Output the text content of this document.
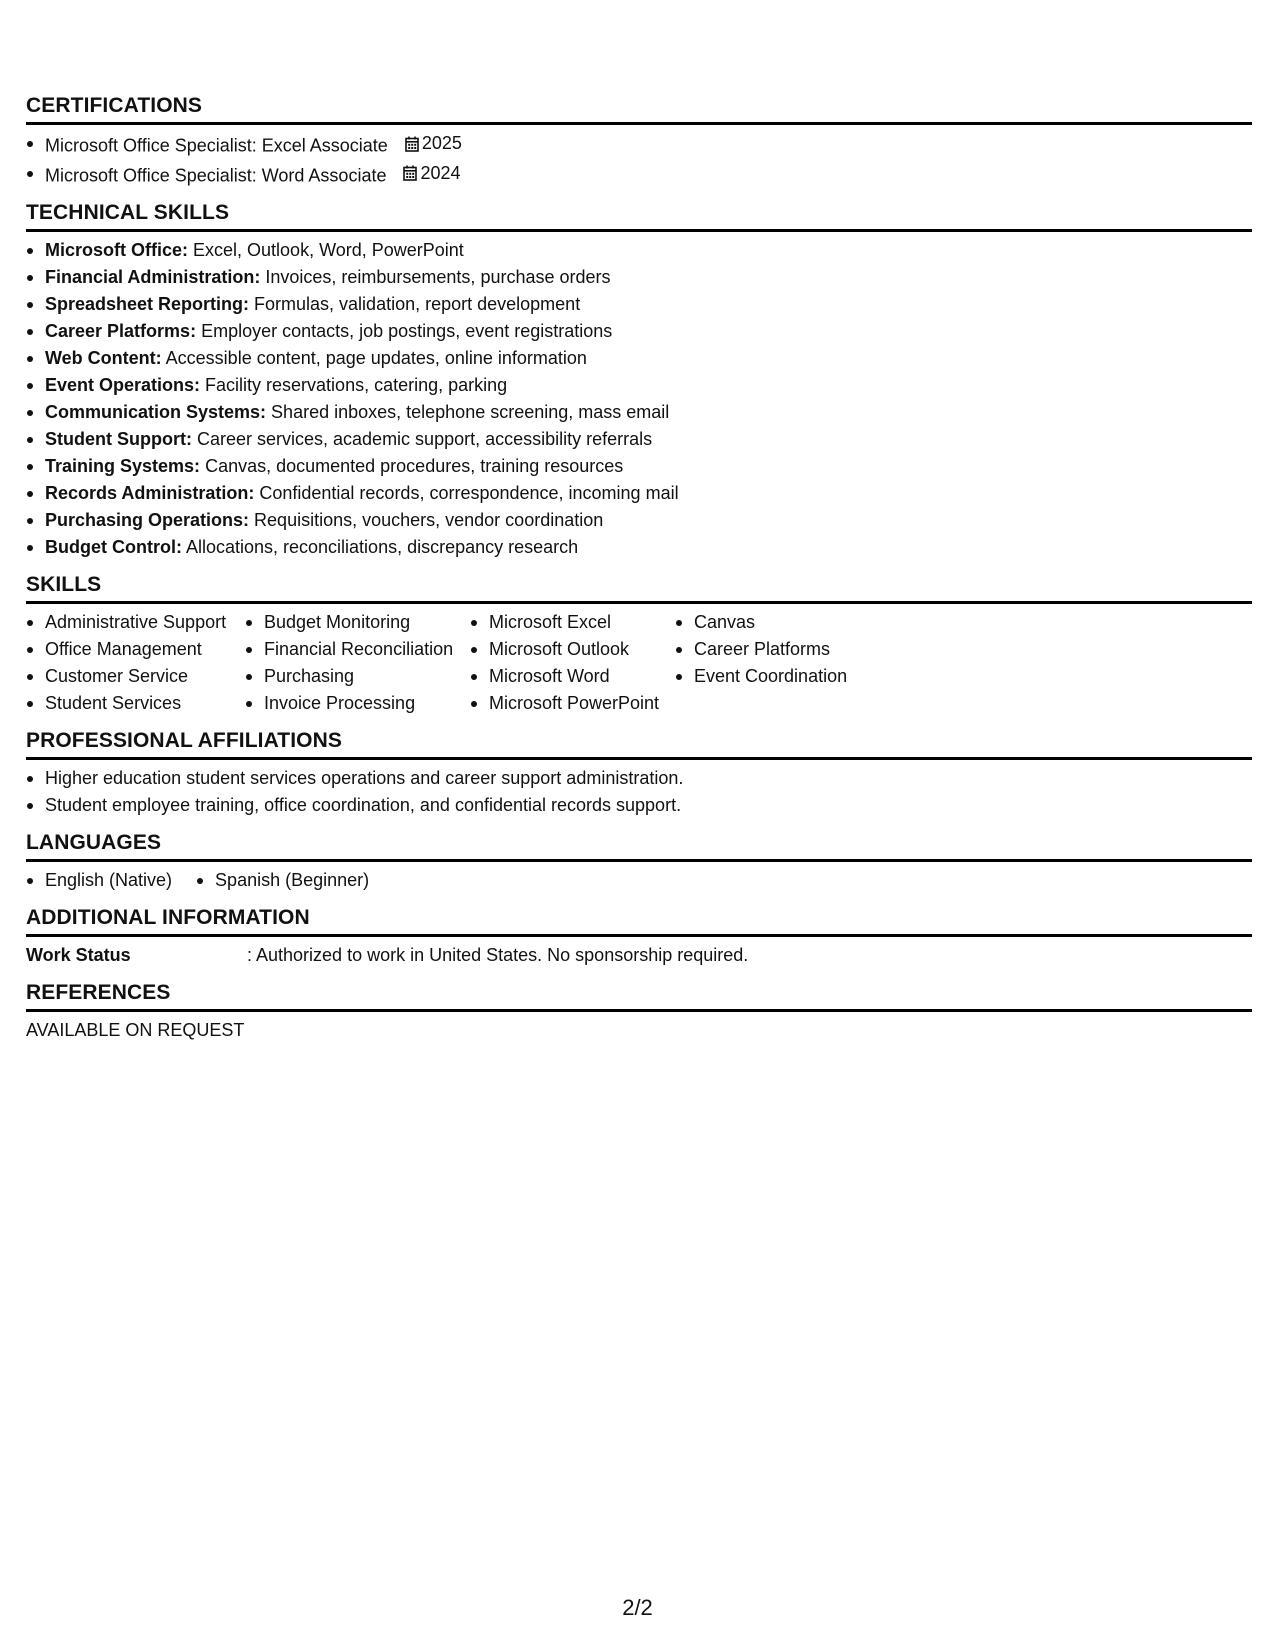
CERTIFICATIONS
Microsoft Office Specialist: Excel Associate 2025
Microsoft Office Specialist: Word Associate 2024
TECHNICAL SKILLS
Microsoft Office: Excel, Outlook, Word, PowerPoint
Financial Administration: Invoices, reimbursements, purchase orders
Spreadsheet Reporting: Formulas, validation, report development
Career Platforms: Employer contacts, job postings, event registrations
Web Content: Accessible content, page updates, online information
Event Operations: Facility reservations, catering, parking
Communication Systems: Shared inboxes, telephone screening, mass email
Student Support: Career services, academic support, accessibility referrals
Training Systems: Canvas, documented procedures, training resources
Records Administration: Confidential records, correspondence, incoming mail
Purchasing Operations: Requisitions, vouchers, vendor coordination
Budget Control: Allocations, reconciliations, discrepancy research
SKILLS
Administrative Support
Office Management
Customer Service
Student Services
Budget Monitoring
Financial Reconciliation
Purchasing
Invoice Processing
Microsoft Excel
Microsoft Outlook
Microsoft Word
Microsoft PowerPoint
Canvas
Career Platforms
Event Coordination
PROFESSIONAL AFFILIATIONS
Higher education student services operations and career support administration.
Student employee training, office coordination, and confidential records support.
LANGUAGES
English (Native)	Spanish (Beginner)
ADDITIONAL INFORMATION
Work Status	: Authorized to work in United States. No sponsorship required.
REFERENCES
AVAILABLE ON REQUEST
2/2
